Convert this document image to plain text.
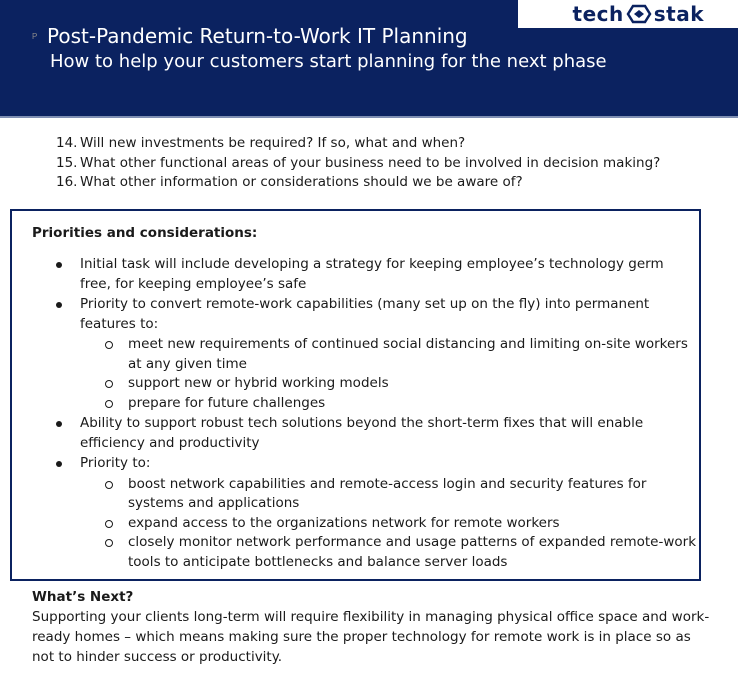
tech stak
P Post-Pandemic Return-to-Work IT Planning
How to help your customers start planning for the next phase
14. Will new investments be required? If so, what and when?
15. What other functional areas of your business need to be involved in decision making?
16. What other information or considerations should we be aware of?
Priorities and considerations:
Initial task will include developing a strategy for keeping employee’s technology germ free, for keeping employee’s safe
Priority to convert remote-work capabilities (many set up on the fly) into permanent features to:
meet new requirements of continued social distancing and limiting on-site workers at any given time
support new or hybrid working models
prepare for future challenges
Ability to support robust tech solutions beyond the short-term fixes that will enable efficiency and productivity
Priority to:
boost network capabilities and remote-access login and security features for systems and applications
expand access to the organizations network for remote workers
closely monitor network performance and usage patterns of expanded remote-work tools to anticipate bottlenecks and balance server loads
What’s Next?
Supporting your clients long-term will require flexibility in managing physical office space and work-ready homes – which means making sure the proper technology for remote work is in place so as not to hinder success or productivity.
